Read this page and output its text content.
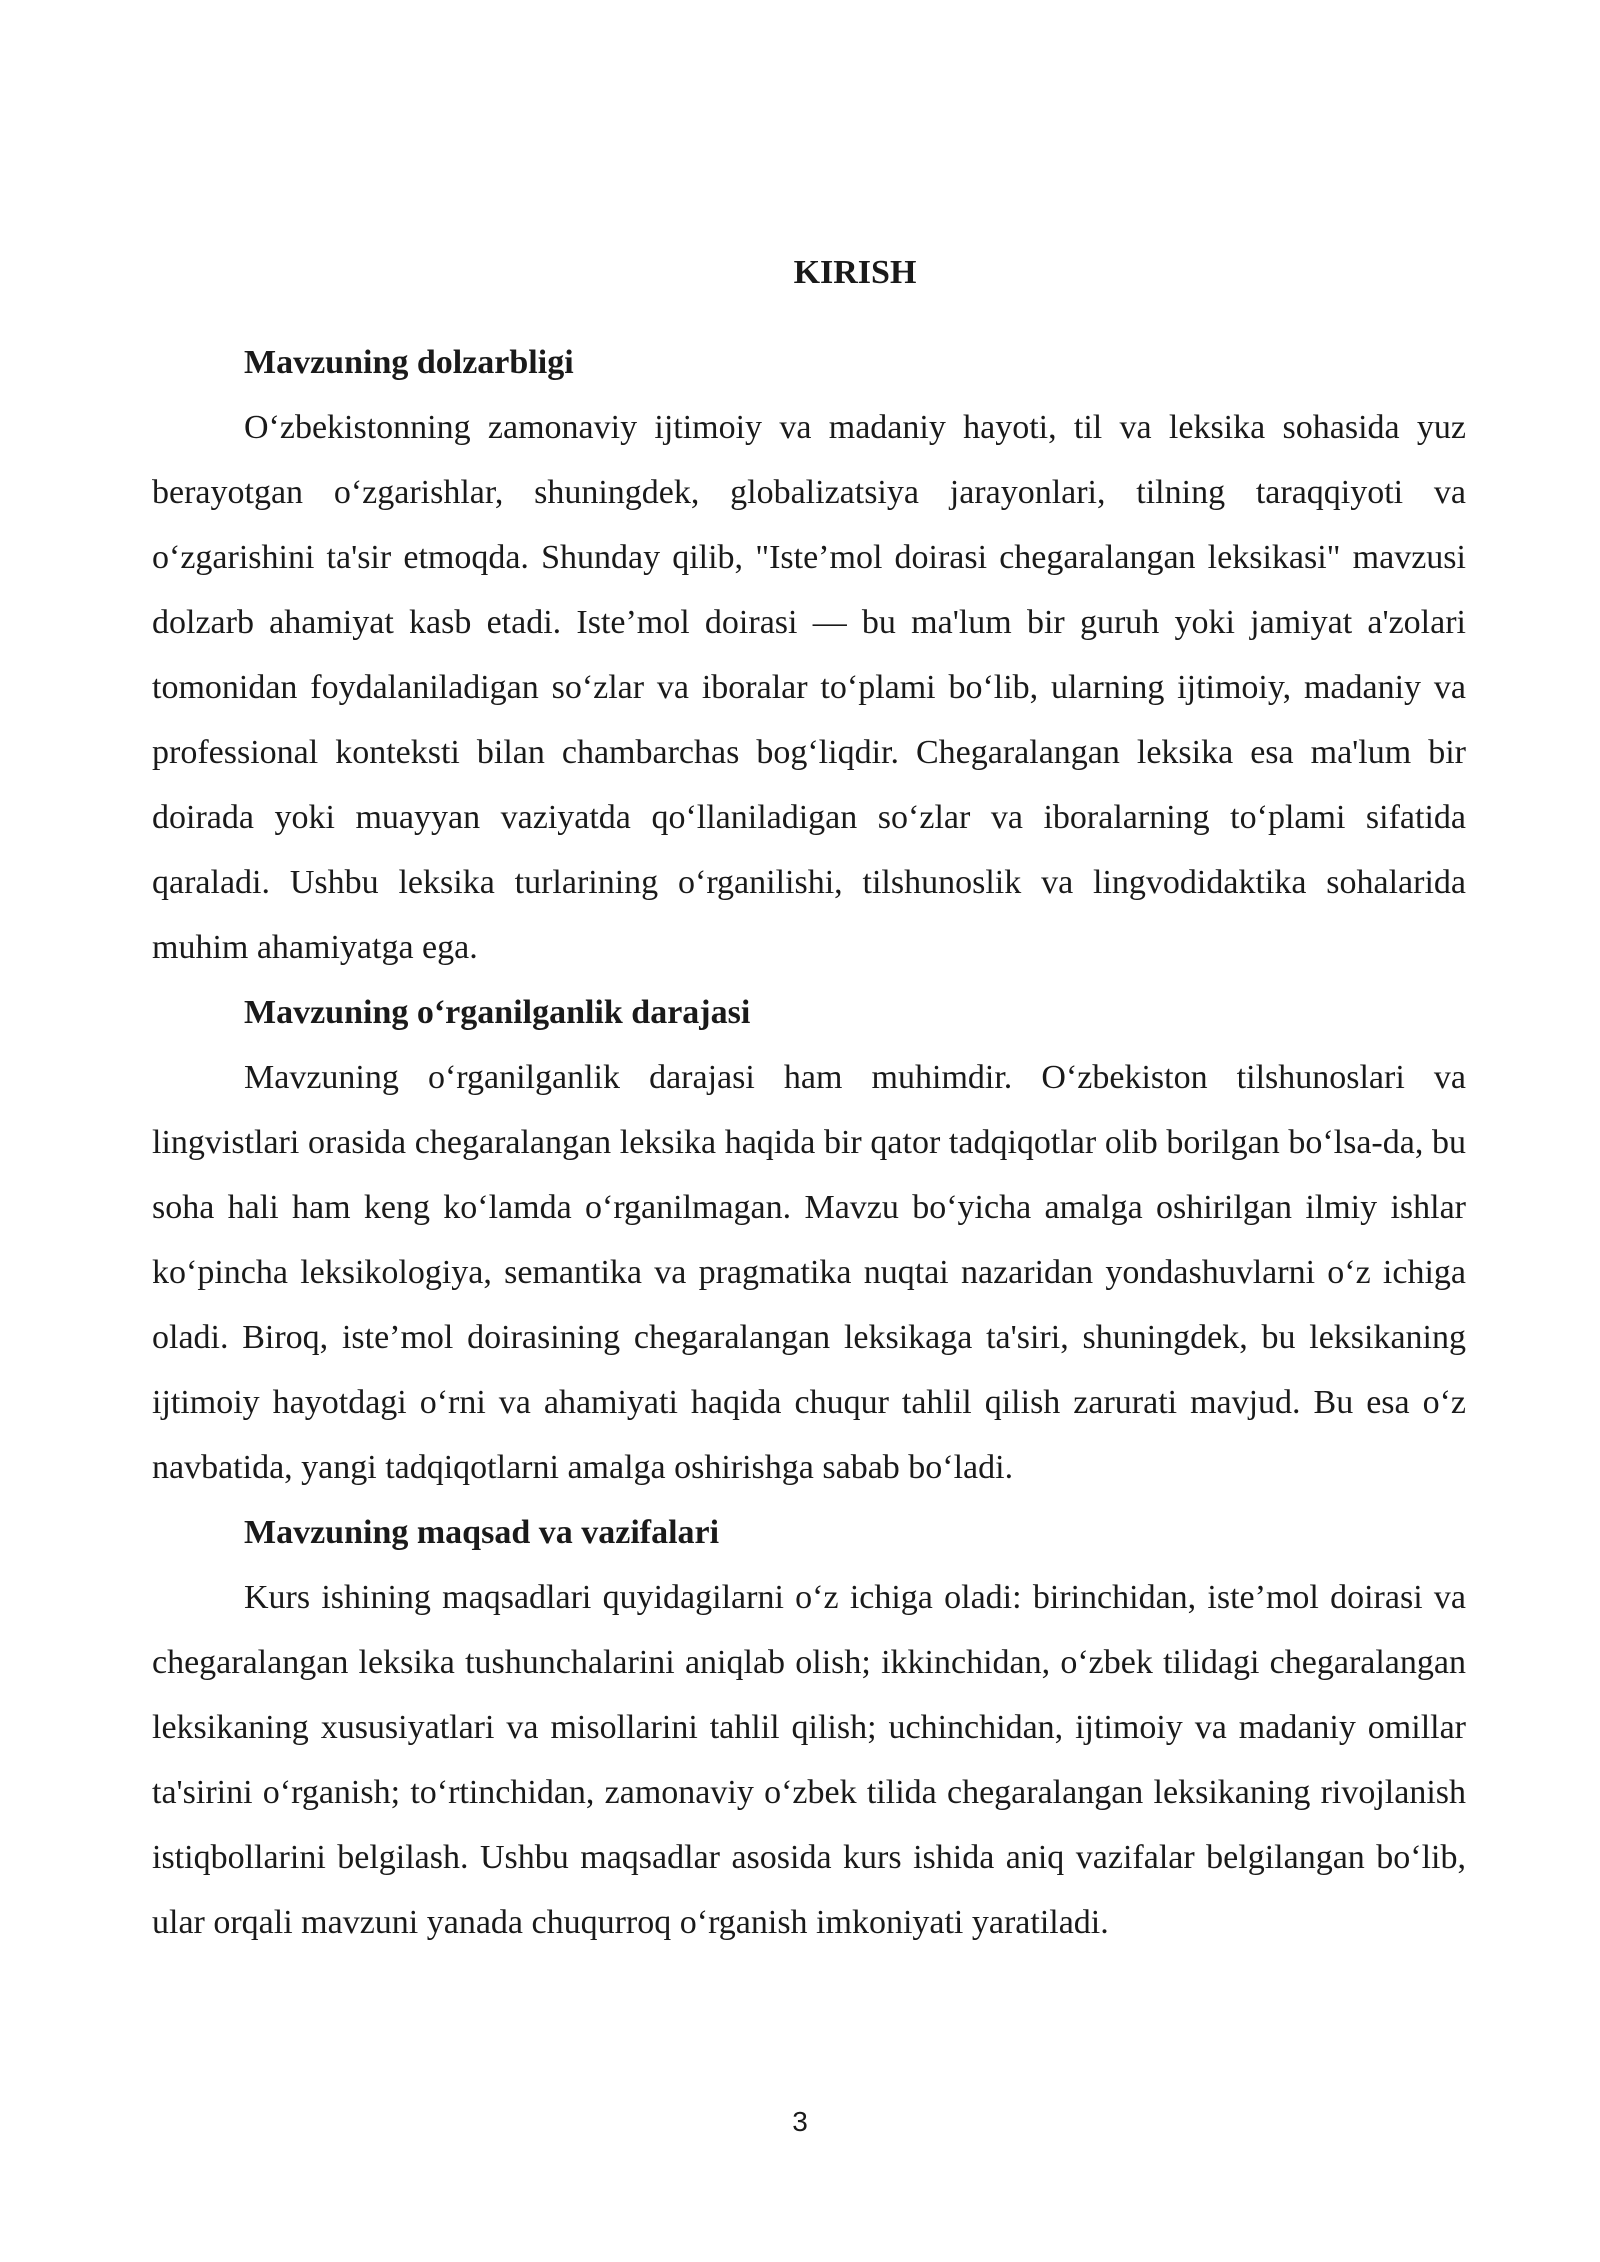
KIRISH
Mavzuning dolzarbligi

O‘zbekistonning zamonaviy ijtimoiy va madaniy hayoti, til va leksika sohasida yuz berayotgan o‘zgarishlar, shuningdek, globalizatsiya jarayonlari, tilning taraqqiyoti va o‘zgarishini ta'sir etmoqda. Shunday qilib, "Iste’mol doirasi chegaralangan leksikasi" mavzusi dolzarb ahamiyat kasb etadi. Iste’mol doirasi — bu ma'lum bir guruh yoki jamiyat a'zolari tomonidan foydalaniladigan so‘zlar va iboralar to‘plami bo‘lib, ularning ijtimoiy, madaniy va professional konteksti bilan chambarchas bog‘liqdir. Chegaralangan leksika esa ma'lum bir doirada yoki muayyan vaziyatda qo‘llaniladigan so‘zlar va iboralarning to‘plami sifatida qaraladi. Ushbu leksika turlarining o‘rganilishi, tilshunoslik va lingvodidaktika sohalarida muhim ahamiyatga ega.

Mavzuning o‘rganilganlik darajasi

Mavzuning o‘rganilganlik darajasi ham muhimdir. O‘zbekiston tilshunoslari va lingvistlari orasida chegaralangan leksika haqida bir qator tadqiqotlar olib borilgan bo‘lsa-da, bu soha hali ham keng ko‘lamda o‘rganilmagan. Mavzu bo‘yicha amalga oshirilgan ilmiy ishlar ko‘pincha leksikologiya, semantika va pragmatika nuqtai nazaridan yondashuvlarni o‘z ichiga oladi. Biroq, iste’mol doirasining chegaralangan leksikaga ta'siri, shuningdek, bu leksikaning ijtimoiy hayotdagi o‘rni va ahamiyati haqida chuqur tahlil qilish zarurati mavjud. Bu esa o‘z navbatida, yangi tadqiqotlarni amalga oshirishga sabab bo‘ladi.

Mavzuning maqsad va vazifalari

Kurs ishining maqsadlari quyidagilarni o‘z ichiga oladi: birinchidan, iste’mol doirasi va chegaralangan leksika tushunchalarini aniqlab olish; ikkinchidan, o‘zbek tilidagi chegaralangan leksikaning xususiyatlari va misollarini tahlil qilish; uchinchidan, ijtimoiy va madaniy omillar ta'sirini o‘rganish; to‘rtinchidan, zamonaviy o‘zbek tilida chegaralangan leksikaning rivojlanish istiqbollarini belgilash. Ushbu maqsadlar asosida kurs ishida aniq vazifalar belgilangan bo‘lib, ular orqali mavzuni yanada chuqurroq o‘rganish imkoniyati yaratiladi.

3
